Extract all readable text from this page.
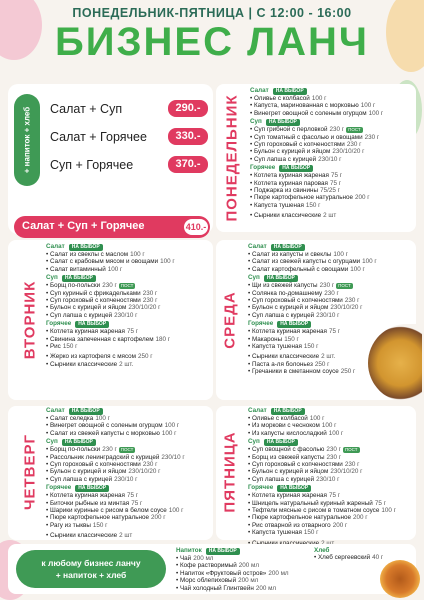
ПОНЕДЕЛЬНИК-ПЯТНИЦА | С 12:00 - 16:00
БИЗНЕС ЛАНЧ
+ напиток + хлеб Салат + Суп	290.-
Салат + Горячее	330.-
Суп + Горячее	370.-
Салат + Суп + Горячее	410.-
ПОНЕДЕЛЬНИК
Салат НА ВЫБОР
• Оливье с колбасой 100 г
• Капуста, маринованная с морковью 100 г
• Винегрет овощной с соленым огурцом 100 г
Суп НА ВЫБОР
• Суп грибной с перловкой 230 г ПОСТ
• Суп томатный с фасолью и овощами 230 г
• Суп гороховый с копченостями 230 г
• Бульон с курицей и яйцом 230/10/20 г
• Суп лапша с курицей 230/10 г
Горячее НА ВЫБОР
• Котлета куриная жареная 75 г
• Котлета куриная паровая 75 г
• Поджарка из свинины 75/25 г
• Пюре картофельное натуральное 200 г
• Капуста тушеная 150 г
• Сырники классические 2 шт
ВТОРНИК
Салат НА ВЫБОР
• Салат из свеклы с маслом 100 г
• Салат с крабовым мясом и овощами 100 г
• Салат витаминный 100 г
Суп НА ВЫБОР
• Борщ по-польски 230 г ПОСТ
• Суп куриный с фрикадельками 230 г
• Суп гороховый с копченостями 230 г
• Бульон с курицей и яйцом 230/10/20 г
• Суп лапша с курицей 230/10 г
Горячее НА ВЫБОР
• Котлета куриная жареная 75 г
• Свинина запеченная с картофелем 180 г
• Рис 150 г
• Жерко из картофеля с мясом 250 г
• Сырники классические 2 шт.
СРЕДА
Салат НА ВЫБОР
• Салат из капусты и свеклы 100 г
• Салат из свежей капусты с огурцами 100 г
• Салат картофельный с овощами 100 г
Суп НА ВЫБОР
• Щи из свежей капусты 230 г ПОСТ
• Солянка по-домашнему 230 г
• Суп гороховый с копченостями 230 г
• Бульон с курицей и яйцом 230/10/20 г
• Суп лапша с курицей 230/10 г
Горячее НА ВЫБОР
• Котлета куриная жареная 75 г
• Макароны 150 г
• Капуста тушеная 150 г
• Сырники классические 2 шт.
• Паста а-ля болоньез 250 г
• Гречаники в сметанном соусе 250 г
ЧЕТВЕРГ
Салат НА ВЫБОР
• Салат селедка 100 г
• Винегрет овощной с соленым огурцом 100 г
• Салат из свежей капусты с морковью 100 г
Суп НА ВЫБОР
• Борщ по-польски 230 г ПОСТ
• Рассольник ленинградский с курицей 230/10 г
• Суп гороховый с копченостями 230 г
• Бульон с курицей и яйцом 230/10/20 г
• Суп лапша с курицей 230/10 г
Горячее НА ВЫБОР
• Котлета куриная жареная 75 г
• Биточки рыбные из минтая 75 г
• Шарики куриные с рисом в белом соусе 100 г
• Пюре картофельное натуральное 200 г
• Рагу из тыквы 150 г
• Сырники классические 2 шт
ПЯТНИЦА
Салат НА ВЫБОР
• Оливье с колбасой 100 г
• Из моркови с чесноком 100 г
• Из капусты кислосладкий 100 г
Суп НА ВЫБОР
• Суп овощной с фасолью 230 г ПОСТ
• Борщ из свежей капусты 230 г
• Суп гороховый с копченостями 230 г
• Бульон с курицей и яйцом 230/10/20 г
• Суп лапша с курицей 230/10 г
Горячее НА ВЫБОР
• Котлета куриная жареная 75 г
• Шницель натуральный куриный жареный 75 г
• Тефтели мясные с рисом в томатном соусе 100 г
• Пюре картофельное натуральное 200 г
• Рис отварной из отварного 200 г
• Капуста тушеная 150 г
•
к любому бизнес ланчу
+ напиток + хлеб
Напиток НА ВЫБОР
• Чай 200 мл
• Кофе растворимый 200 мл
• Напиток «Фруктовый остров» 200 мл
• Морс облепиховый 200 мл
• Чай холодный Глинтвейн 200 мл
Хлеб
• Хлеб сергеевский 40 г
